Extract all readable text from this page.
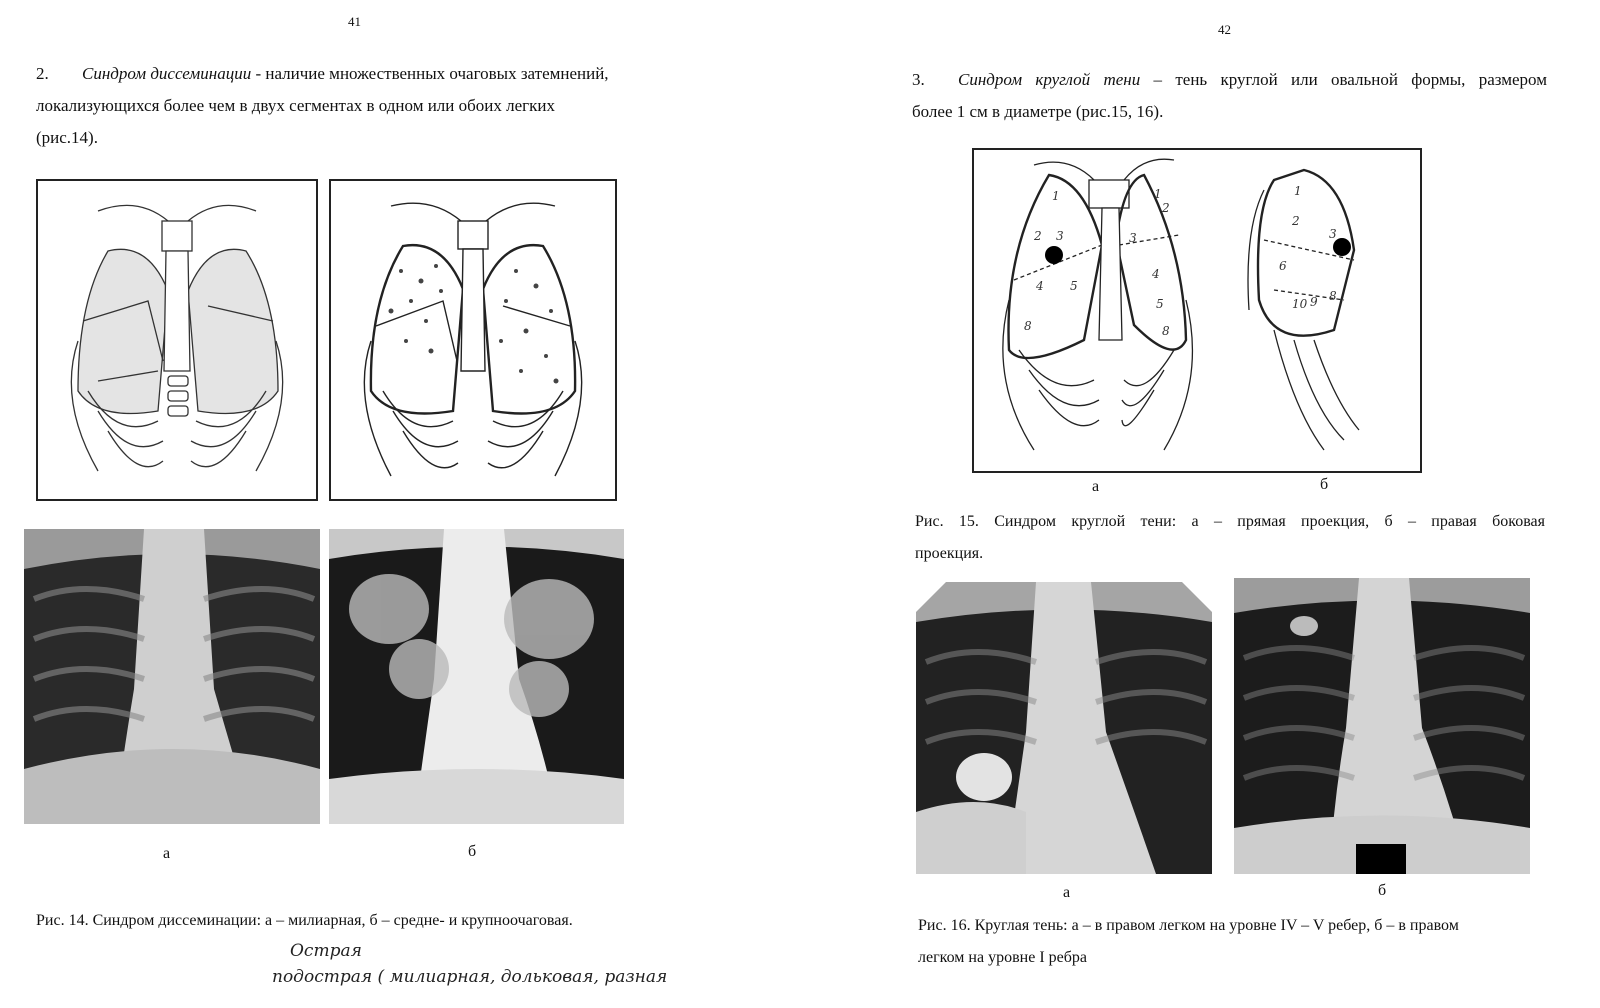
41
2. Синдром диссеминации - наличие множественных очаговых затемнений,
локализующихся более чем в двух сегментах в одном или обоих легких
(рис.14).
а	б
Рис. 14. Синдром диссеминации: а – милиарная, б – средне- и крупноочаговая.
Острая
подострая ( милиарная, дольковая, разная
42
3. Синдром круглой тени – тень круглой или овальной формы, размером
более 1 см в диаметре (рис.15, 16).
1
2 3
4 5
8
1
2
3
4
5
8
1
2
3
6
10 9 8
а	б
Рис. 15. Синдром круглой тени: а – прямая проекция, б – правая боковая
проекция.
а	б
Рис. 16. Круглая тень: а – в правом легком на уровне IV – V ребер, б – в правом
легком на уровне I ребра
